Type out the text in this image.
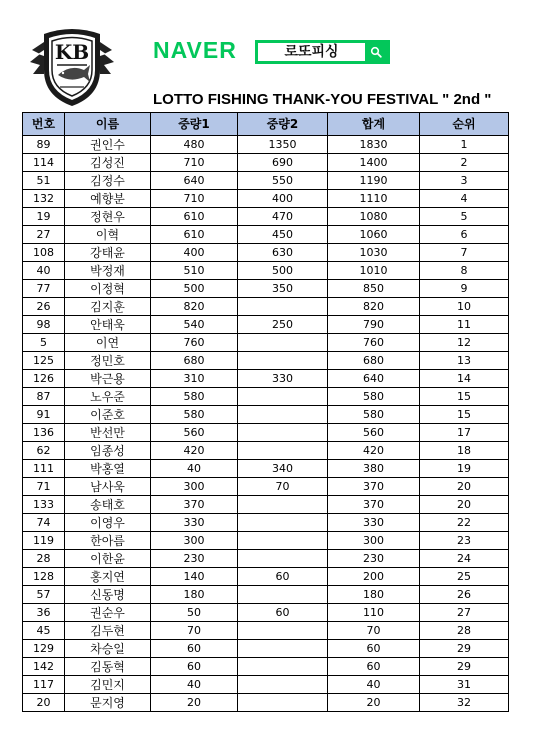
KB	NAVER	로또피싱
LOTTO FISHING THANK-YOU FESTIVAL " 2nd "
번호	이름	중량1	중량2	합계	순위
89	권인수	480	1350	1830	1
114	김성진	710	690	1400	2
51	김정수	640	550	1190	3
132	예향분	710	400	1110	4
19	정현우	610	470	1080	5
27	이혁	610	450	1060	6
108	강태윤	400	630	1030	7
40	박정재	510	500	1010	8
77	이정혁	500	350	850	9
26	김지훈	820		820	10
98	안태욱	540	250	790	11
5	이연	760		760	12
125	정민호	680		680	13
126	박근용	310	330	640	14
87	노우준	580		580	15
91	이준호	580		580	15
136	반선만	560		560	17
62	임종성	420		420	18
111	박홍열	40	340	380	19
71	남사욱	300	70	370	20
133	송태호	370		370	20
74	이영우	330		330	22
119	한아름	300		300	23
28	이한윤	230		230	24
128	홍지연	140	60	200	25
57	신동명	180		180	26
36	권순우	50	60	110	27
45	김두현	70		70	28
129	차승일	60		60	29
142	김동혁	60		60	29
117	김민지	40		40	31
20	문지영	20		20	32
